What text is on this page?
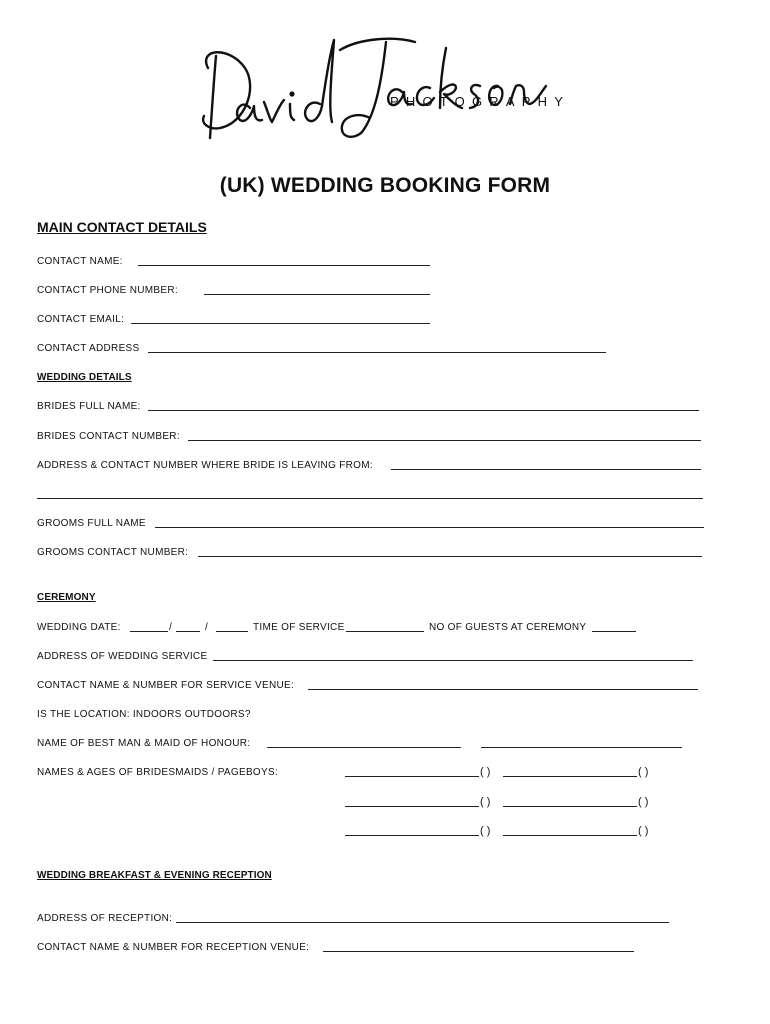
PHOTOGRAPHY
(UK) WEDDING BOOKING FORM
MAIN CONTACT DETAILS
CONTACT NAME:
CONTACT PHONE NUMBER:
CONTACT EMAIL:
CONTACT ADDRESS
WEDDING DETAILS
BRIDES FULL NAME:
BRIDES CONTACT NUMBER:
ADDRESS & CONTACT NUMBER WHERE BRIDE IS LEAVING FROM:
GROOMS FULL NAME
GROOMS CONTACT NUMBER:
CEREMONY
WEDDING DATE:	/	/	TIME OF SERVICE	NO OF GUESTS AT CEREMONY
ADDRESS OF WEDDING SERVICE
CONTACT NAME & NUMBER FOR SERVICE VENUE:
IS THE LOCATION: INDOORS OUTDOORS?
NAME OF BEST MAN & MAID OF HONOUR:
NAMES & AGES OF BRIDESMAIDS / PAGEBOYS:	( )	( )
( )	( )
( )	( )
WEDDING BREAKFAST & EVENING RECEPTION
ADDRESS OF RECEPTION:
CONTACT NAME & NUMBER FOR RECEPTION VENUE:
